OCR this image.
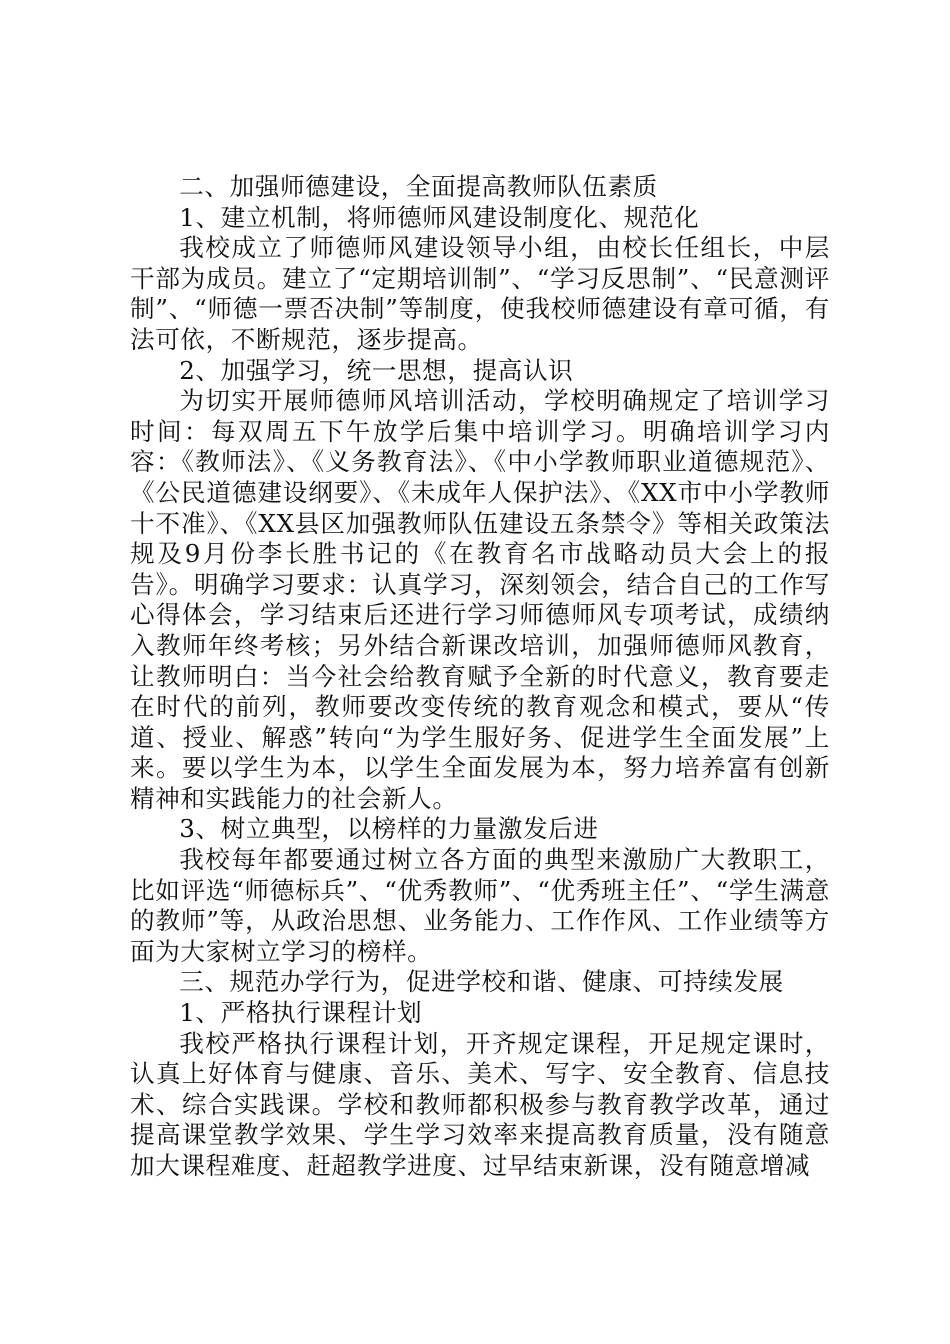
二、加强师德建设，全面提高教师队伍素质

1、建立机制，将师德师风建设制度化、规范化

我校成立了师德师风建设领导小组，由校长任组长，中层干部为成员。建立了“定期培训制”、“学习反思制”、“民意测评制”、“师德一票否决制”等制度，使我校师德建设有章可循，有法可依，不断规范，逐步提高。

2、加强学习，统一思想，提高认识

为切实开展师德师风培训活动，学校明确规定了培训学习时间：每双周五下午放学后集中培训学习。明确培训学习内容：《教师法》、《义务教育法》、《中小学教师职业道德规范》、《公民道德建设纲要》、《未成年人保护法》、《XX市中小学教师十不准》、《XX县区加强教师队伍建设五条禁令》等相关政策法规及9月份李长胜书记的《在教育名市战略动员大会上的报告》。明确学习要求：认真学习，深刻领会，结合自己的工作写心得体会，学习结束后还进行学习师德师风专项考试，成绩纳入教师年终考核；另外结合新课改培训，加强师德师风教育，让教师明白：当今社会给教育赋予全新的时代意义，教育要走在时代的前列，教师要改变传统的教育观念和模式，要从“传道、授业、解惑”转向“为学生服好务、促进学生全面发展”上来。要以学生为本，以学生全面发展为本，努力培养富有创新精神和实践能力的社会新人。

3、树立典型，以榜样的力量激发后进

我校每年都要通过树立各方面的典型来激励广大教职工，比如评选“师德标兵”、“优秀教师”、“优秀班主任”、“学生满意的教师”等，从政治思想、业务能力、工作作风、工作业绩等方面为大家树立学习的榜样。

三、规范办学行为，促进学校和谐、健康、可持续发展

1、严格执行课程计划

我校严格执行课程计划，开齐规定课程，开足规定课时，认真上好体育与健康、音乐、美术、写字、安全教育、信息技术、综合实践课。学校和教师都积极参与教育教学改革，通过提高课堂教学效果、学生学习效率来提高教育质量，没有随意加大课程难度、赶超教学进度、过早结束新课，没有随意增减
